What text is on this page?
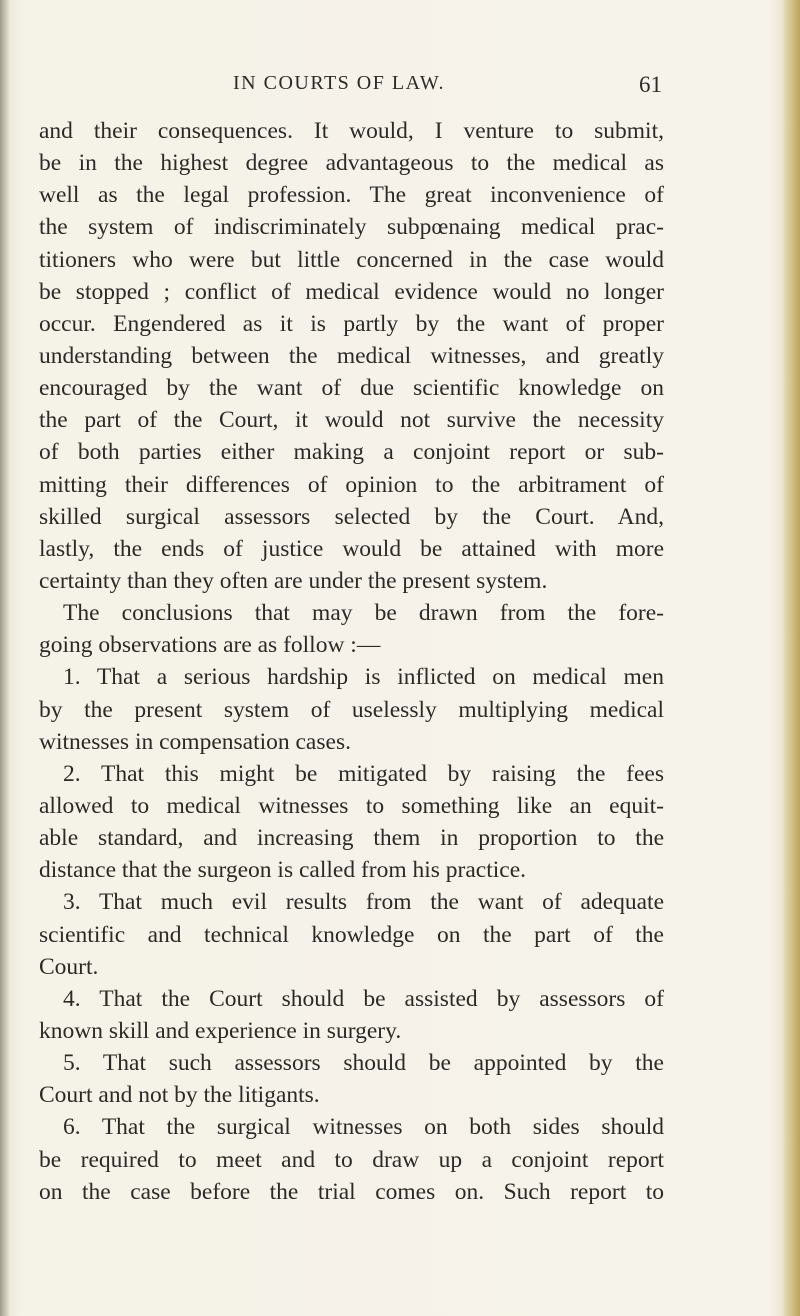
IN COURTS OF LAW.	61
and their consequences. It would, I venture to submit,
be in the highest degree advantageous to the medical as
well as the legal profession. The great inconvenience of
the system of indiscriminately subpœnaing medical prac-
titioners who were but little concerned in the case would
be stopped ; conflict of medical evidence would no longer
occur. Engendered as it is partly by the want of proper
understanding between the medical witnesses, and greatly
encouraged by the want of due scientific knowledge on
the part of the Court, it would not survive the necessity
of both parties either making a conjoint report or sub-
mitting their differences of opinion to the arbitrament of
skilled surgical assessors selected by the Court. And,
lastly, the ends of justice would be attained with more
certainty than they often are under the present system.
The conclusions that may be drawn from the fore-
going observations are as follow :—
1. That a serious hardship is inflicted on medical men
by the present system of uselessly multiplying medical
witnesses in compensation cases.
2. That this might be mitigated by raising the fees
allowed to medical witnesses to something like an equit-
able standard, and increasing them in proportion to the
distance that the surgeon is called from his practice.
3. That much evil results from the want of adequate
scientific and technical knowledge on the part of the
Court.
4. That the Court should be assisted by assessors of
known skill and experience in surgery.
5. That such assessors should be appointed by the
Court and not by the litigants.
6. That the surgical witnesses on both sides should
be required to meet and to draw up a conjoint report
on the case before the trial comes on. Such report to
